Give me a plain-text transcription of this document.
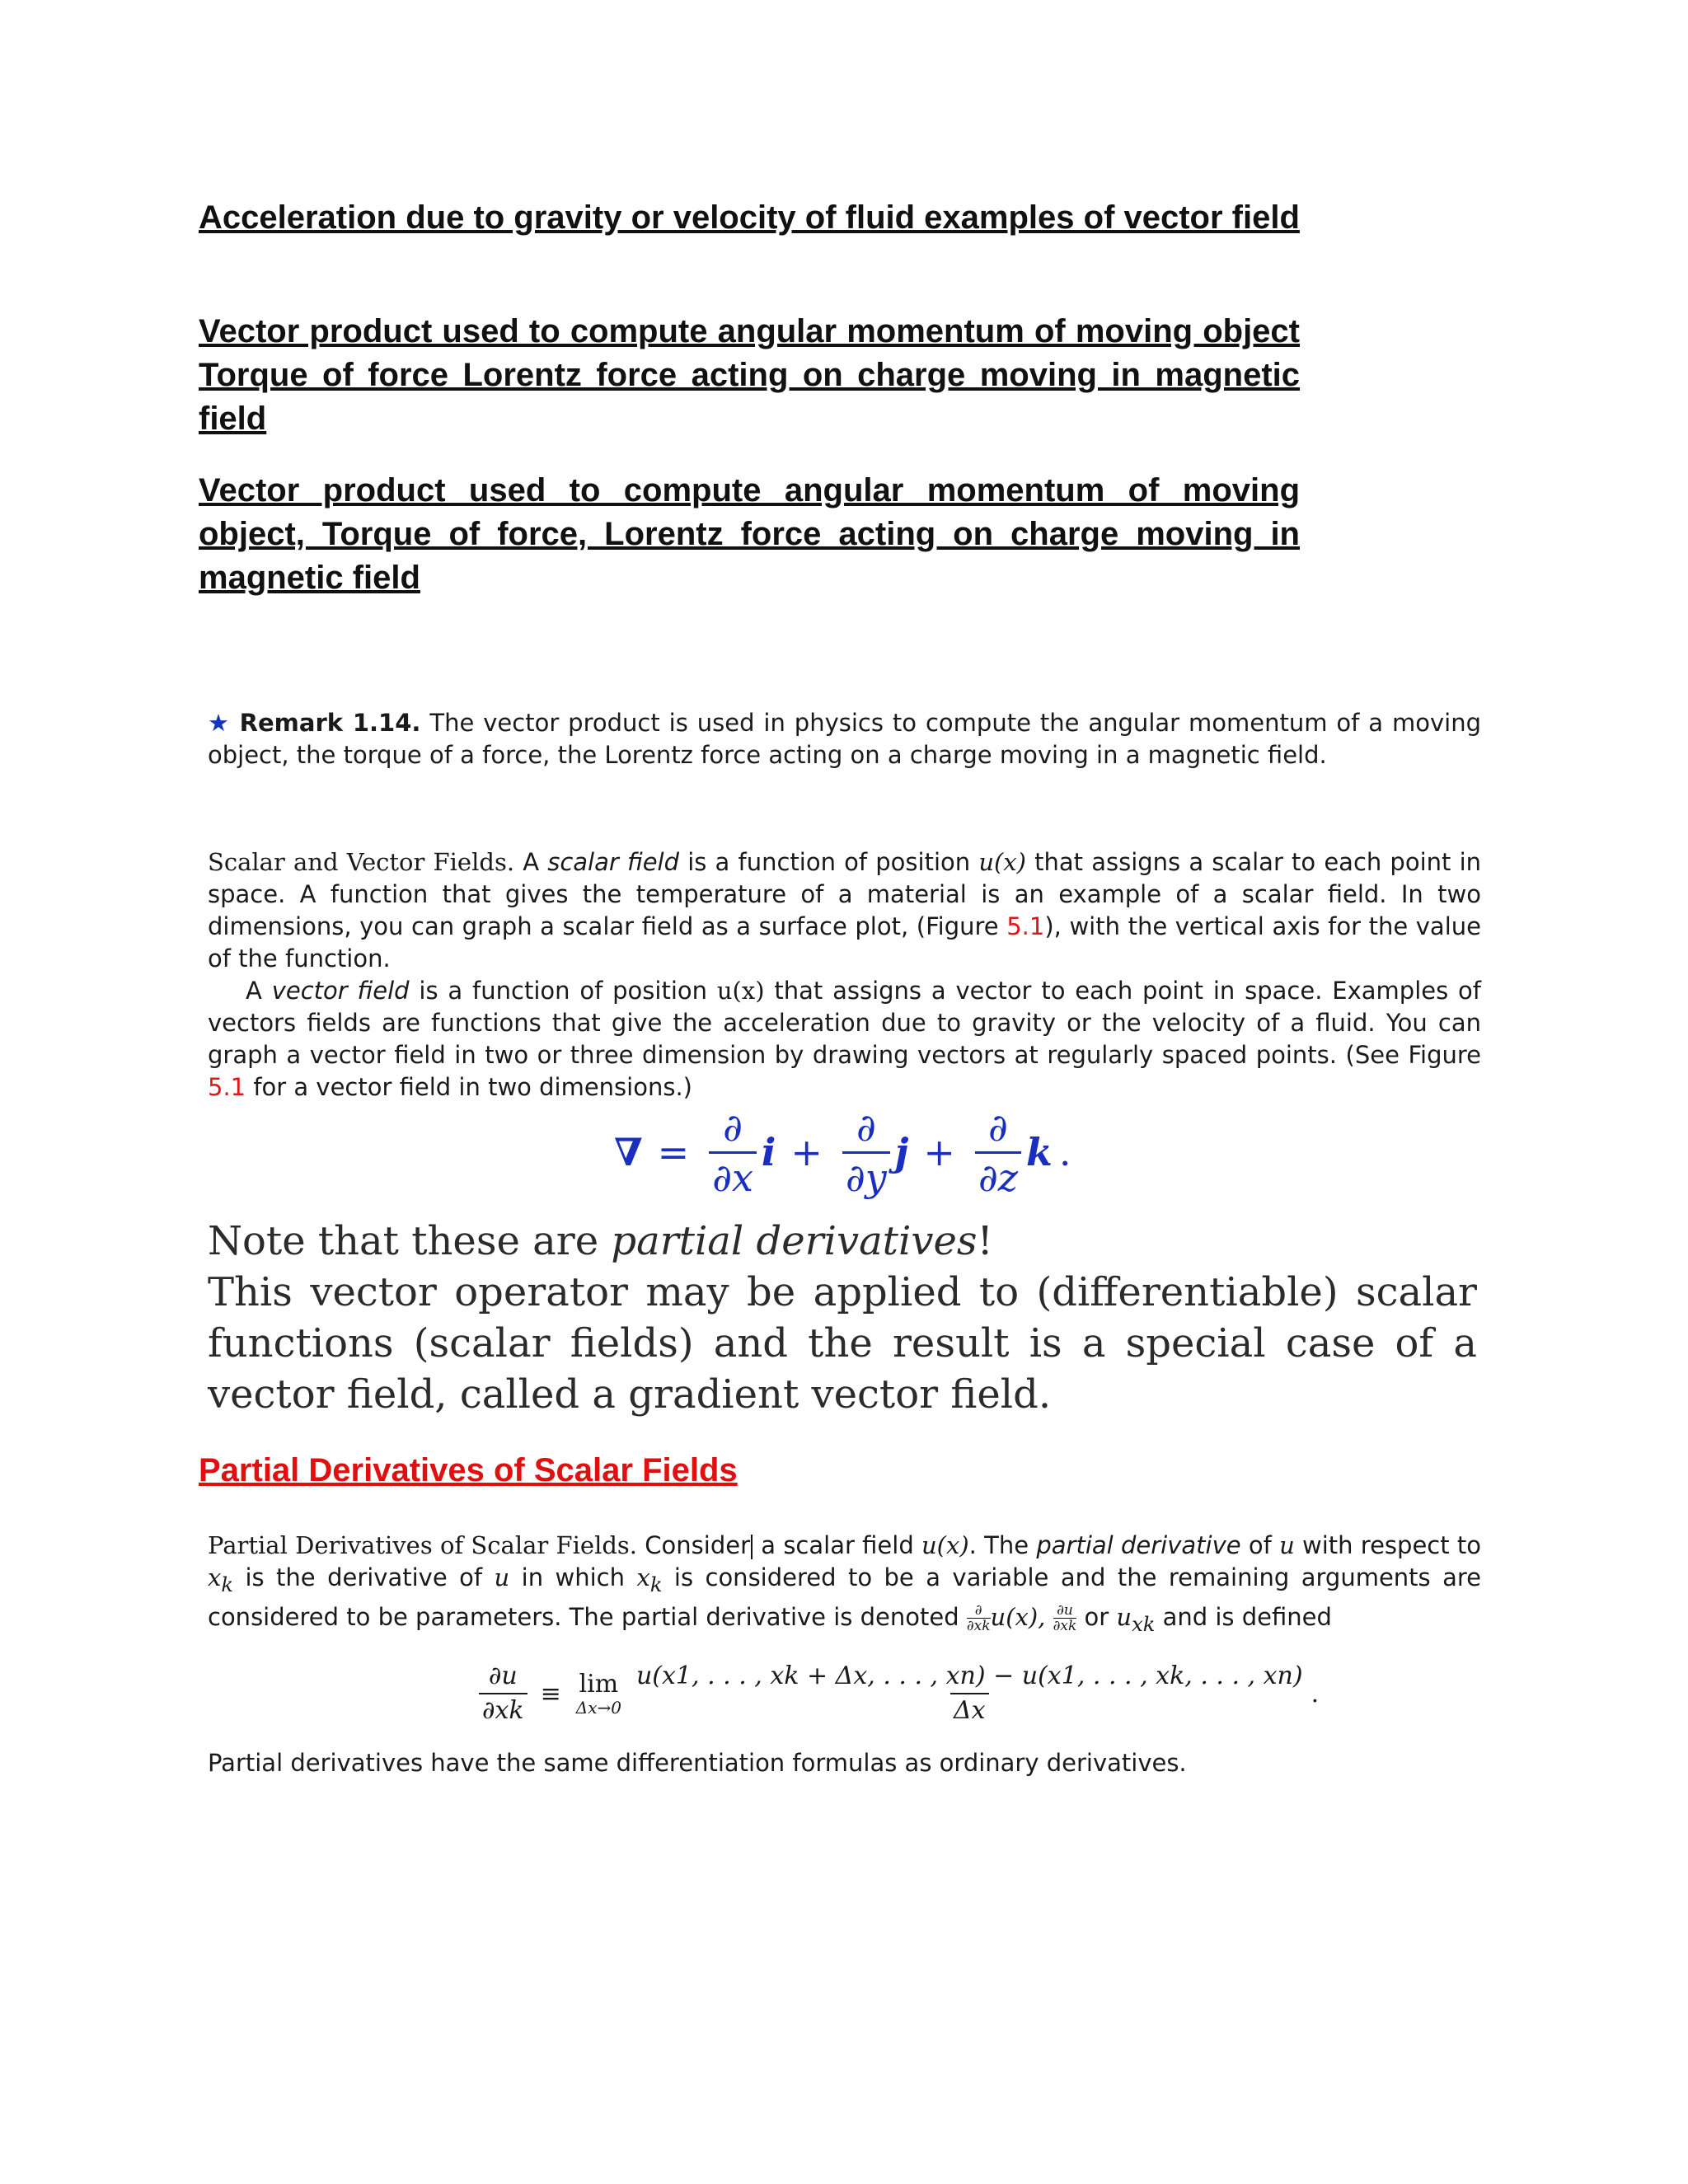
Acceleration due to gravity or velocity of fluid examples of vector field
Vector product used to compute angular momentum of moving object Torque of force Lorentz force acting on charge moving in magnetic field
Vector product used to compute angular momentum of moving object, Torque of force, Lorentz force acting on charge moving in magnetic field

★ Remark 1.14. The vector product is used in physics to compute the angular momentum of a moving object, the torque of a force, the Lorentz force acting on a charge moving in a magnetic field.

Scalar and Vector Fields. A scalar field is a function of position u(x) that assigns a scalar to each point in space. A function that gives the temperature of a material is an example of a scalar field. In two dimensions, you can graph a scalar field as a surface plot, (Figure 5.1), with the vertical axis for the value of the function.

A vector field is a function of position u(x) that assigns a vector to each point in space. Examples of vectors fields are functions that give the acceleration due to gravity or the velocity of a fluid. You can graph a vector field in two or three dimension by drawing vectors at regularly spaced points. (See Figure 5.1 for a vector field in two dimensions.)

∇ = $\frac{\partial}{\partial x}$ $i + \frac{\partial}{\partial y}$ $j + \frac{\partial}{\partial z}$ k .

Note that these are partial derivatives!

This vector operator may be applied to (differentiable) scalar functions (scalar fields) and the result is a special case of a vector field, called a gradient vector field.

Partial Derivatives of Scalar Fields

Partial Derivatives of Scalar Fields. Consider a scalar field u(x). The partial derivative of u with respect to $x_k$ is the derivative of u in which $x_k$ is considered to be a variable and the remaining arguments are considered to be parameters. The partial derivative is denoted $\frac{\partial}{\partial xk} u(x)$, $\frac{\partial u}{\partial xk}$ or $u_{xk}$ and is defined

$\frac{\partial u}{\partial xk} \equiv \lim$
Δx→0
u(x1, . . . , xk + Δx, . . . , xn) − u(x1, . . . , xk, . . . , xn)
Δx
.

Partial derivatives have the same differentiation formulas as ordinary derivatives.
